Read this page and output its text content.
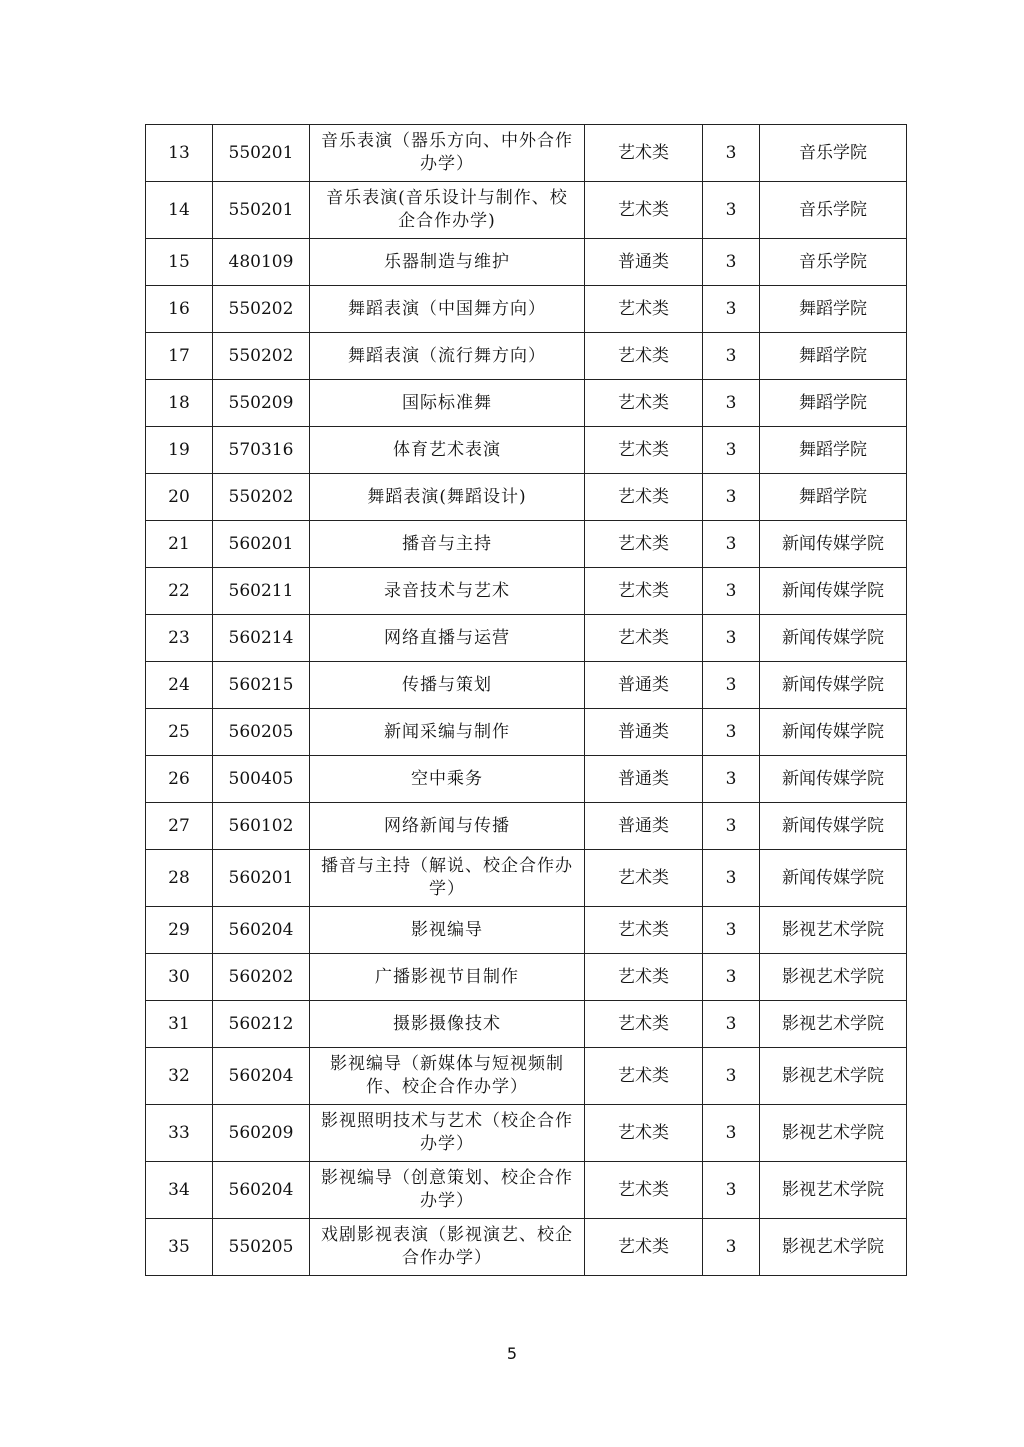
13	550201	音乐表演（器乐方向、中外合作办学）	艺术类	3	音乐学院
14	550201	音乐表演(音乐设计与制作、校企合作办学)	艺术类	3	音乐学院
15	480109	乐器制造与维护	普通类	3	音乐学院
16	550202	舞蹈表演（中国舞方向）	艺术类	3	舞蹈学院
17	550202	舞蹈表演（流行舞方向）	艺术类	3	舞蹈学院
18	550209	国际标准舞	艺术类	3	舞蹈学院
19	570316	体育艺术表演	艺术类	3	舞蹈学院
20	550202	舞蹈表演(舞蹈设计)	艺术类	3	舞蹈学院
21	560201	播音与主持	艺术类	3	新闻传媒学院
22	560211	录音技术与艺术	艺术类	3	新闻传媒学院
23	560214	网络直播与运营	艺术类	3	新闻传媒学院
24	560215	传播与策划	普通类	3	新闻传媒学院
25	560205	新闻采编与制作	普通类	3	新闻传媒学院
26	500405	空中乘务	普通类	3	新闻传媒学院
27	560102	网络新闻与传播	普通类	3	新闻传媒学院
28	560201	播音与主持（解说、校企合作办学）	艺术类	3	新闻传媒学院
29	560204	影视编导	艺术类	3	影视艺术学院
30	560202	广播影视节目制作	艺术类	3	影视艺术学院
31	560212	摄影摄像技术	艺术类	3	影视艺术学院
32	560204	影视编导（新媒体与短视频制作、校企合作办学）	艺术类	3	影视艺术学院
33	560209	影视照明技术与艺术（校企合作办学）	艺术类	3	影视艺术学院
34	560204	影视编导（创意策划、校企合作办学）	艺术类	3	影视艺术学院
35	550205	戏剧影视表演（影视演艺、校企合作办学）	艺术类	3	影视艺术学院
5
